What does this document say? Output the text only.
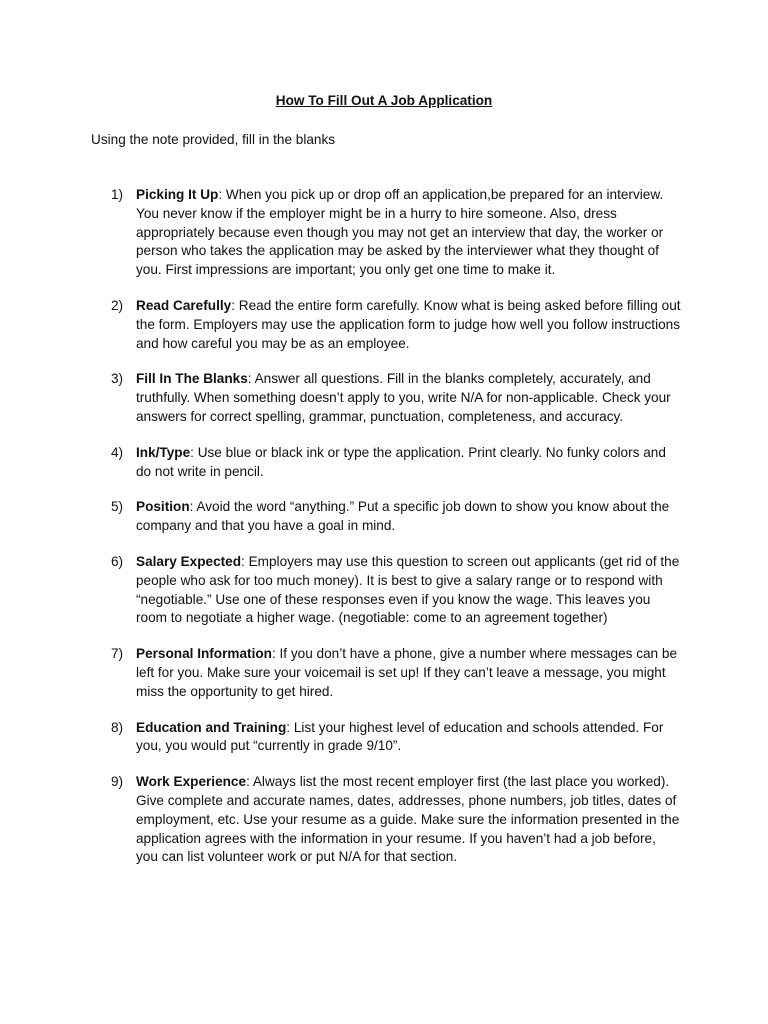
How To Fill Out A Job Application
Using the note provided, fill in the blanks
1) Picking It Up: When you pick up or drop off an application,be prepared for an interview. You never know if the employer might be in a hurry to hire someone. Also, dress appropriately because even though you may not get an interview that day, the worker or person who takes the application may be asked by the interviewer what they thought of you. First impressions are important; you only get one time to make it.
2) Read Carefully: Read the entire form carefully. Know what is being asked before filling out the form. Employers may use the application form to judge how well you follow instructions and how careful you may be as an employee.
3) Fill In The Blanks: Answer all questions. Fill in the blanks completely, accurately, and truthfully. When something doesn’t apply to you, write N/A for non-applicable. Check your answers for correct spelling, grammar, punctuation, completeness, and accuracy.
4) Ink/Type: Use blue or black ink or type the application. Print clearly. No funky colors and do not write in pencil.
5) Position: Avoid the word “anything.” Put a specific job down to show you know about the company and that you have a goal in mind.
6) Salary Expected: Employers may use this question to screen out applicants (get rid of the people who ask for too much money). It is best to give a salary range or to respond with “negotiable.” Use one of these responses even if you know the wage. This leaves you room to negotiate a higher wage. (negotiable: come to an agreement together)
7) Personal Information: If you don’t have a phone, give a number where messages can be left for you. Make sure your voicemail is set up! If they can’t leave a message, you might miss the opportunity to get hired.
8) Education and Training: List your highest level of education and schools attended. For you, you would put “currently in grade 9/10”.
9) Work Experience: Always list the most recent employer first (the last place you worked). Give complete and accurate names, dates, addresses, phone numbers, job titles, dates of employment, etc. Use your resume as a guide. Make sure the information presented in the application agrees with the information in your resume. If you haven’t had a job before, you can list volunteer work or put N/A for that section.
